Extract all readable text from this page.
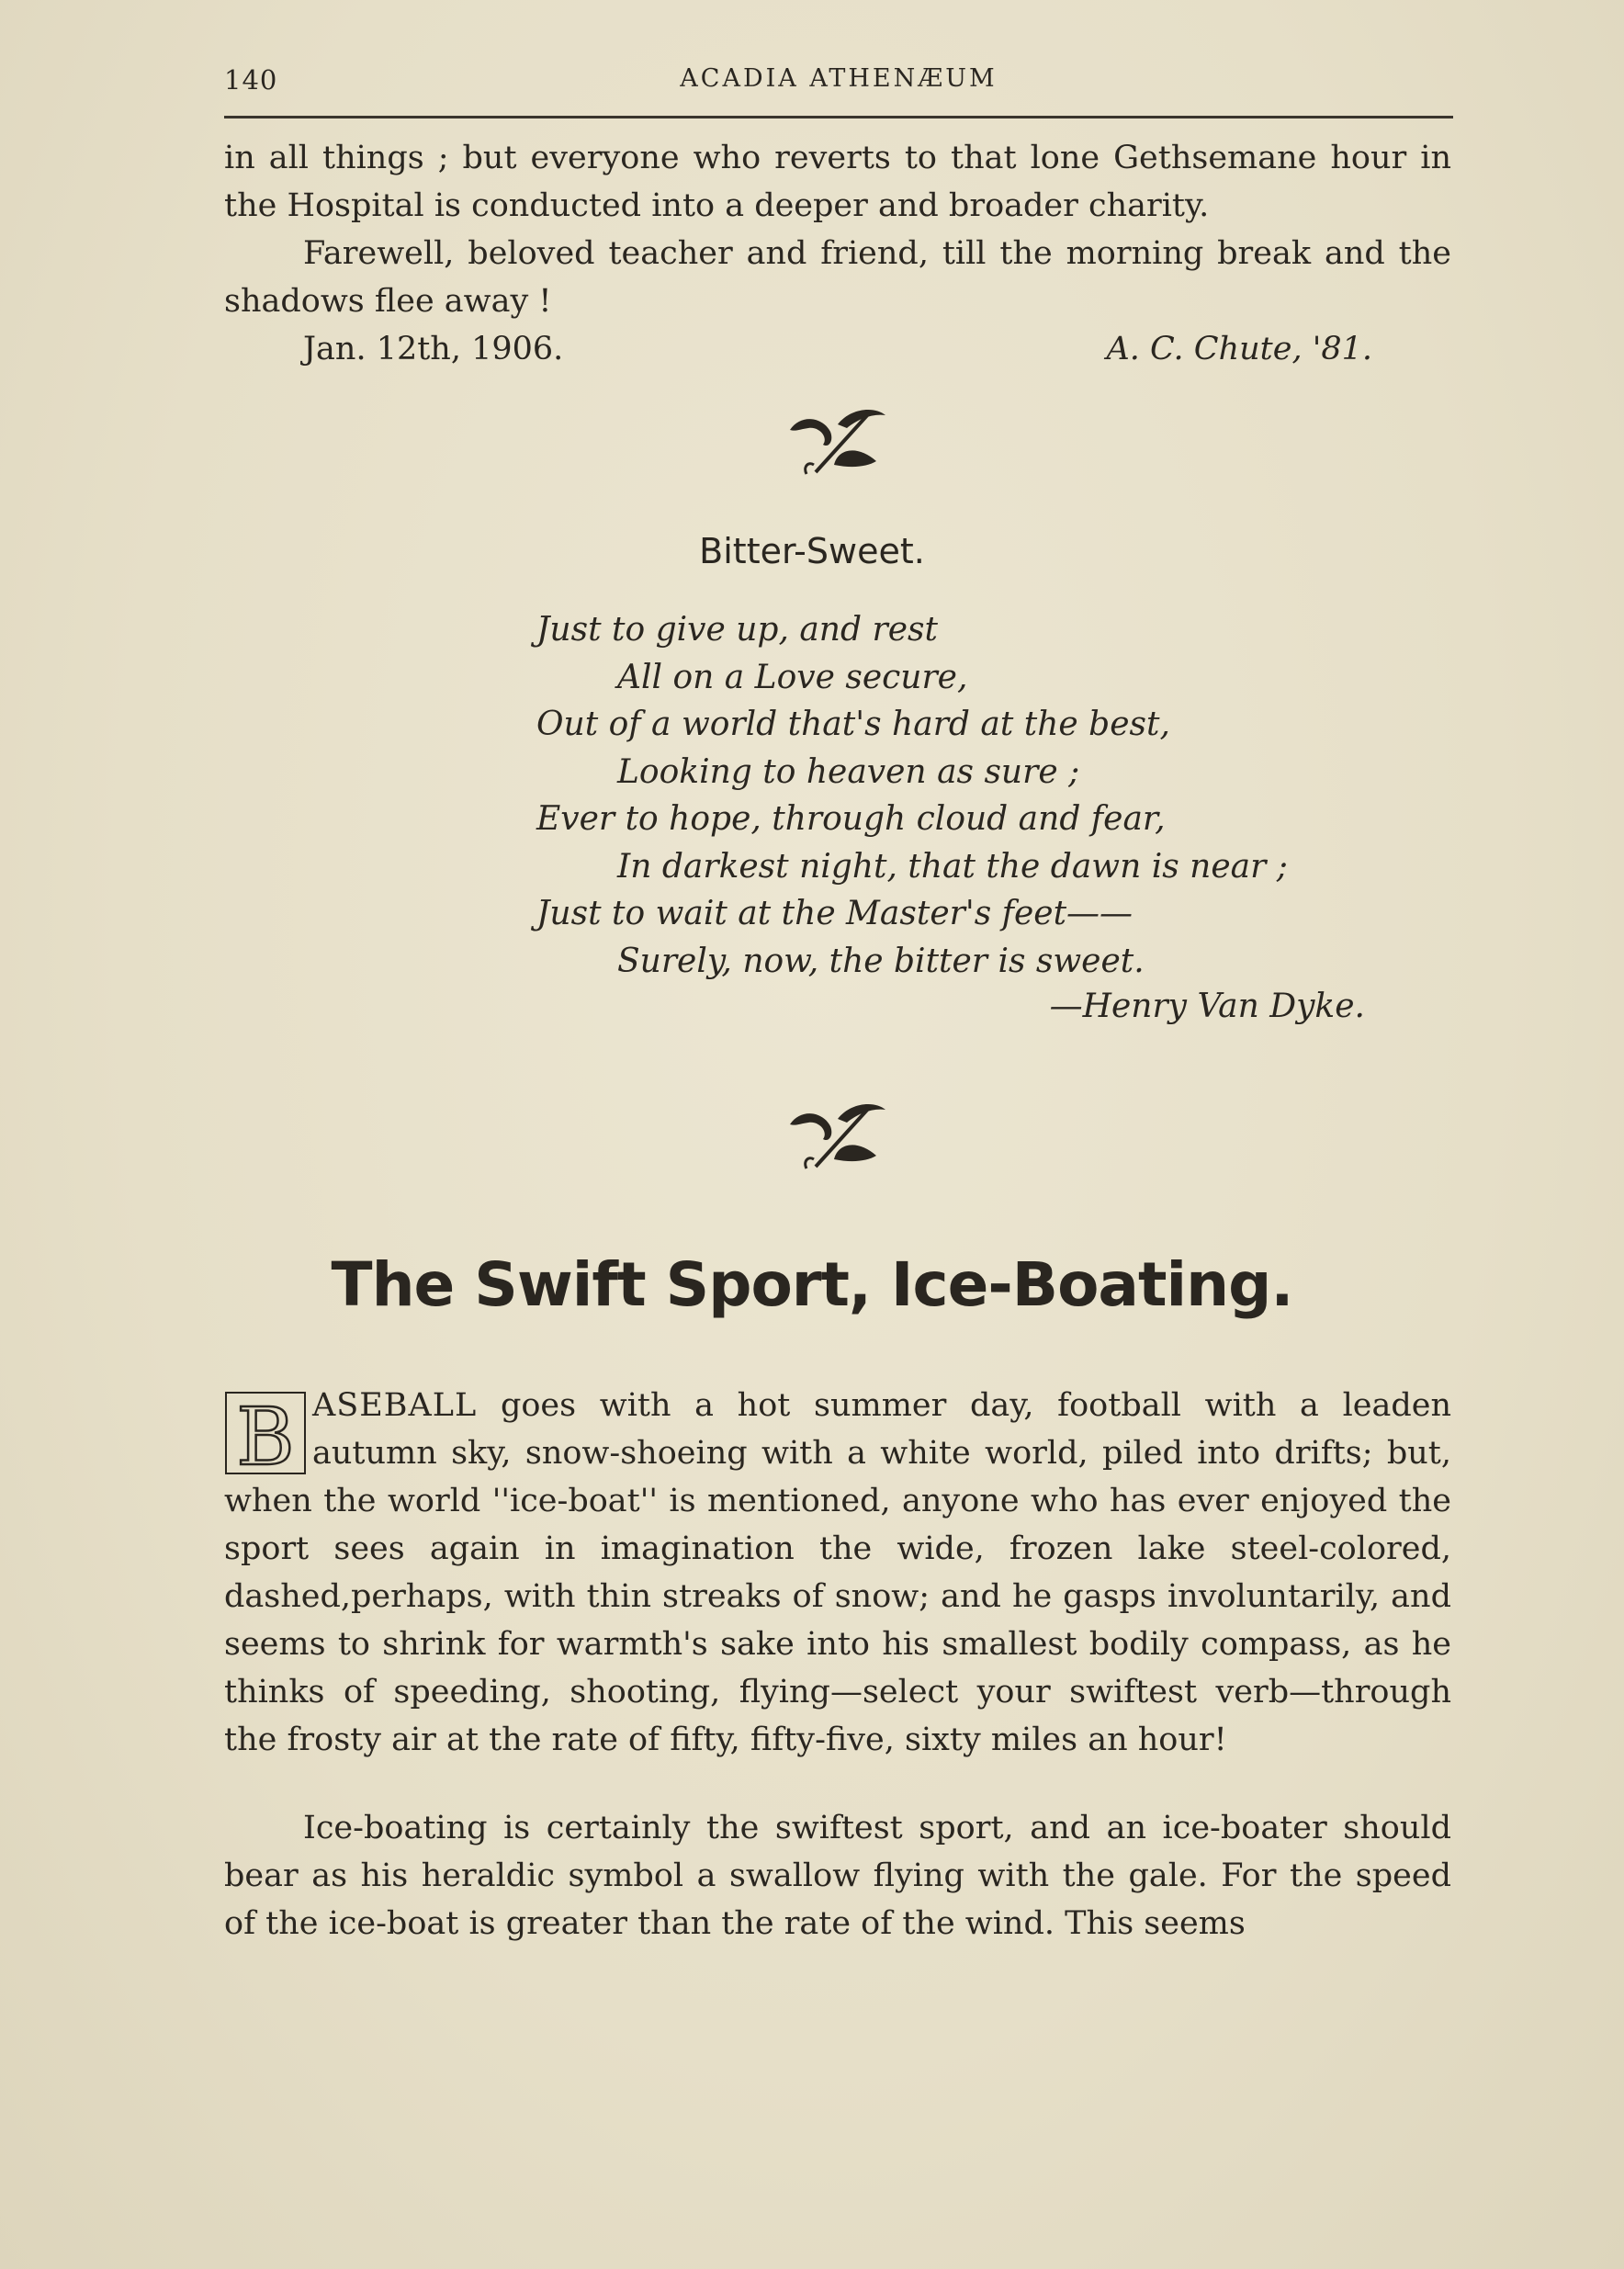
140	ACADIA ATHENÆUM

in all things ; but everyone who reverts to that lone Gethsemane hour in the Hospital is conducted into a deeper and broader charity.

Farewell, beloved teacher and friend, till the morning break and the shadows flee away !

Jan. 12th, 1906.	A. C. Chute, '81.
Bitter-Sweet.
Just to give up, and rest
All on a Love secure,
Out of a world that's hard at the best,
Looking to heaven as sure ;
Ever to hope, through cloud and fear,
In darkest night, that the dawn is near ;
Just to wait at the Master's feet——
Surely, now, the bitter is sweet.
—Henry Van Dyke.
The Swift Sport, Ice-Boating.

B ASEBALL goes with a hot summer day, football with a leaden autumn sky, snow-shoeing with a white world, piled into drifts; but, when the world ''ice-boat'' is mentioned, anyone who has ever enjoyed the sport sees again in imagination the wide, frozen lake steel-colored, dashed,perhaps, with thin streaks of snow; and he gasps involuntarily, and seems to shrink for warmth's sake into his smallest bodily compass, as he thinks of speeding, shooting, flying—select your swiftest verb—through the frosty air at the rate of fifty, fifty-five, sixty miles an hour!

Ice-boating is certainly the swiftest sport, and an ice-boater should bear as his heraldic symbol a swallow flying with the gale. For the speed of the ice-boat is greater than the rate of the wind. This seems
